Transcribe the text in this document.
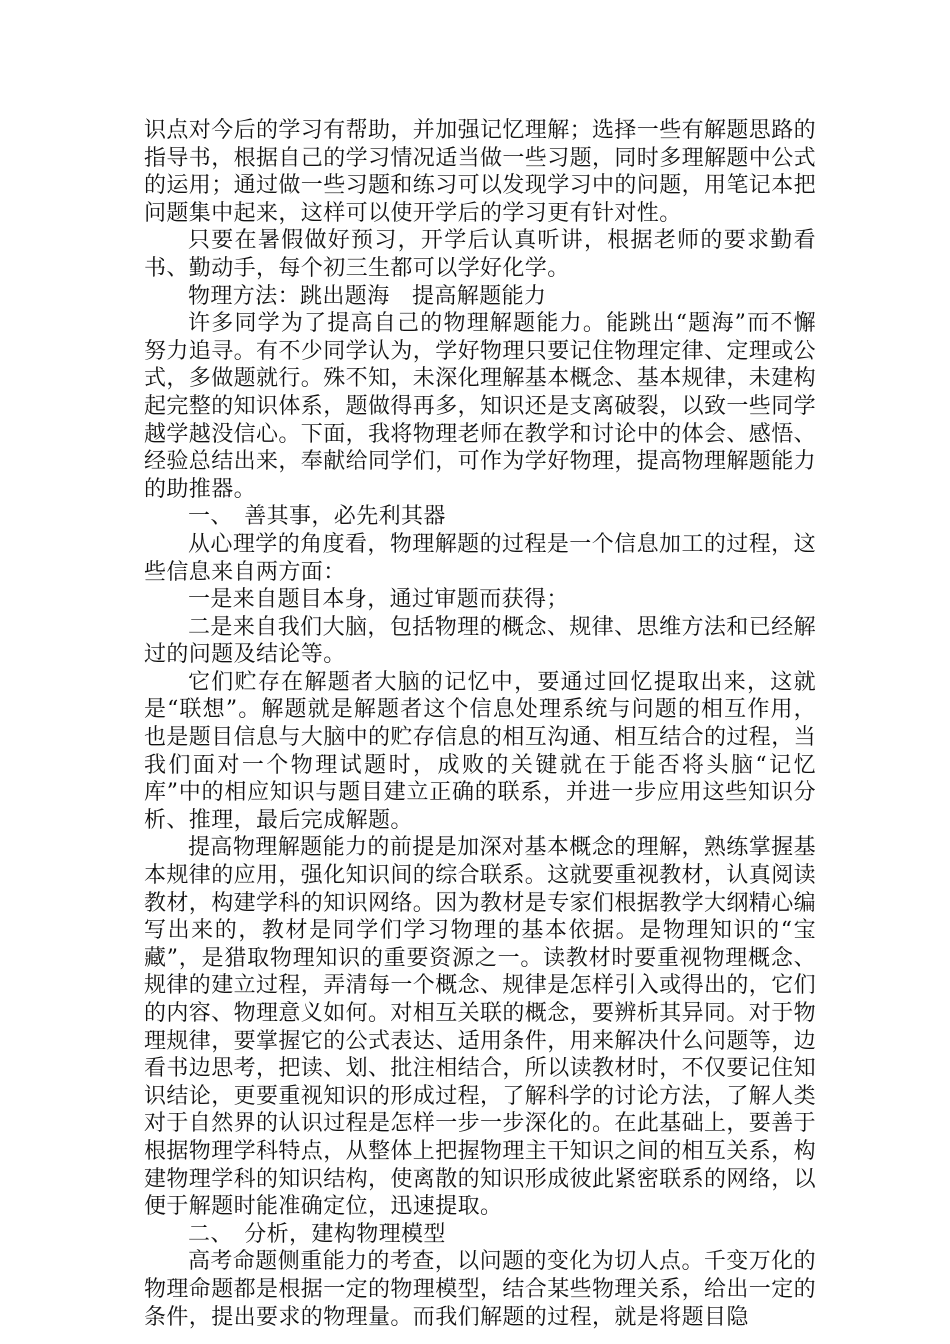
识点对今后的学习有帮助，并加强记忆理解；选择一些有解题思路的指导书，根据自己的学习情况适当做一些习题，同时多理解题中公式的运用；通过做一些习题和练习可以发现学习中的问题，用笔记本把问题集中起来，这样可以使开学后的学习更有针对性。

只要在暑假做好预习，开学后认真听讲，根据老师的要求勤看书、勤动手，每个初三生都可以学好化学。

物理方法：跳出题海　提高解题能力

许多同学为了提高自己的物理解题能力。能跳出“题海”而不懈努力追寻。有不少同学认为，学好物理只要记住物理定律、定理或公式，多做题就行。殊不知，未深化理解基本概念、基本规律，未建构起完整的知识体系，题做得再多，知识还是支离破裂，以致一些同学越学越没信心。下面，我将物理老师在教学和讨论中的体会、感悟、经验总结出来，奉献给同学们，可作为学好物理，提高物理解题能力的助推器。

一、　善其事，必先利其器

从心理学的角度看，物理解题的过程是一个信息加工的过程，这些信息来自两方面：

一是来自题目本身，通过审题而获得；

二是来自我们大脑，包括物理的概念、规律、思维方法和已经解过的问题及结论等。

它们贮存在解题者大脑的记忆中，要通过回忆提取出来，这就是“联想”。解题就是解题者这个信息处理系统与问题的相互作用，也是题目信息与大脑中的贮存信息的相互沟通、相互结合的过程，当我们面对一个物理试题时，成败的关键就在于能否将头脑“记忆库”中的相应知识与题目建立正确的联系，并进一步应用这些知识分析、推理，最后完成解题。

提高物理解题能力的前提是加深对基本概念的理解，熟练掌握基本规律的应用，强化知识间的综合联系。这就要重视教材，认真阅读教材，构建学科的知识网络。因为教材是专家们根据教学大纲精心编写出来的，教材是同学们学习物理的基本依据。是物理知识的“宝藏”，是猎取物理知识的重要资源之一。读教材时要重视物理概念、规律的建立过程，弄清每一个概念、规律是怎样引入或得出的，它们的内容、物理意义如何。对相互关联的概念，要辨析其异同。对于物理规律，要掌握它的公式表达、适用条件，用来解决什么问题等，边看书边思考，把读、划、批注相结合，所以读教材时，不仅要记住知识结论，更要重视知识的形成过程，了解科学的讨论方法，了解人类对于自然界的认识过程是怎样一步一步深化的。在此基础上，要善于根据物理学科特点，从整体上把握物理主干知识之间的相互关系，构建物理学科的知识结构，使离散的知识形成彼此紧密联系的网络，以便于解题时能准确定位，迅速提取。

二、　分析，建构物理模型

高考命题侧重能力的考查，以问题的变化为切人点。千变万化的物理命题都是根据一定的物理模型，结合某些物理关系，给出一定的条件，提出要求的物理量。而我们解题的过程，就是将题目隐
